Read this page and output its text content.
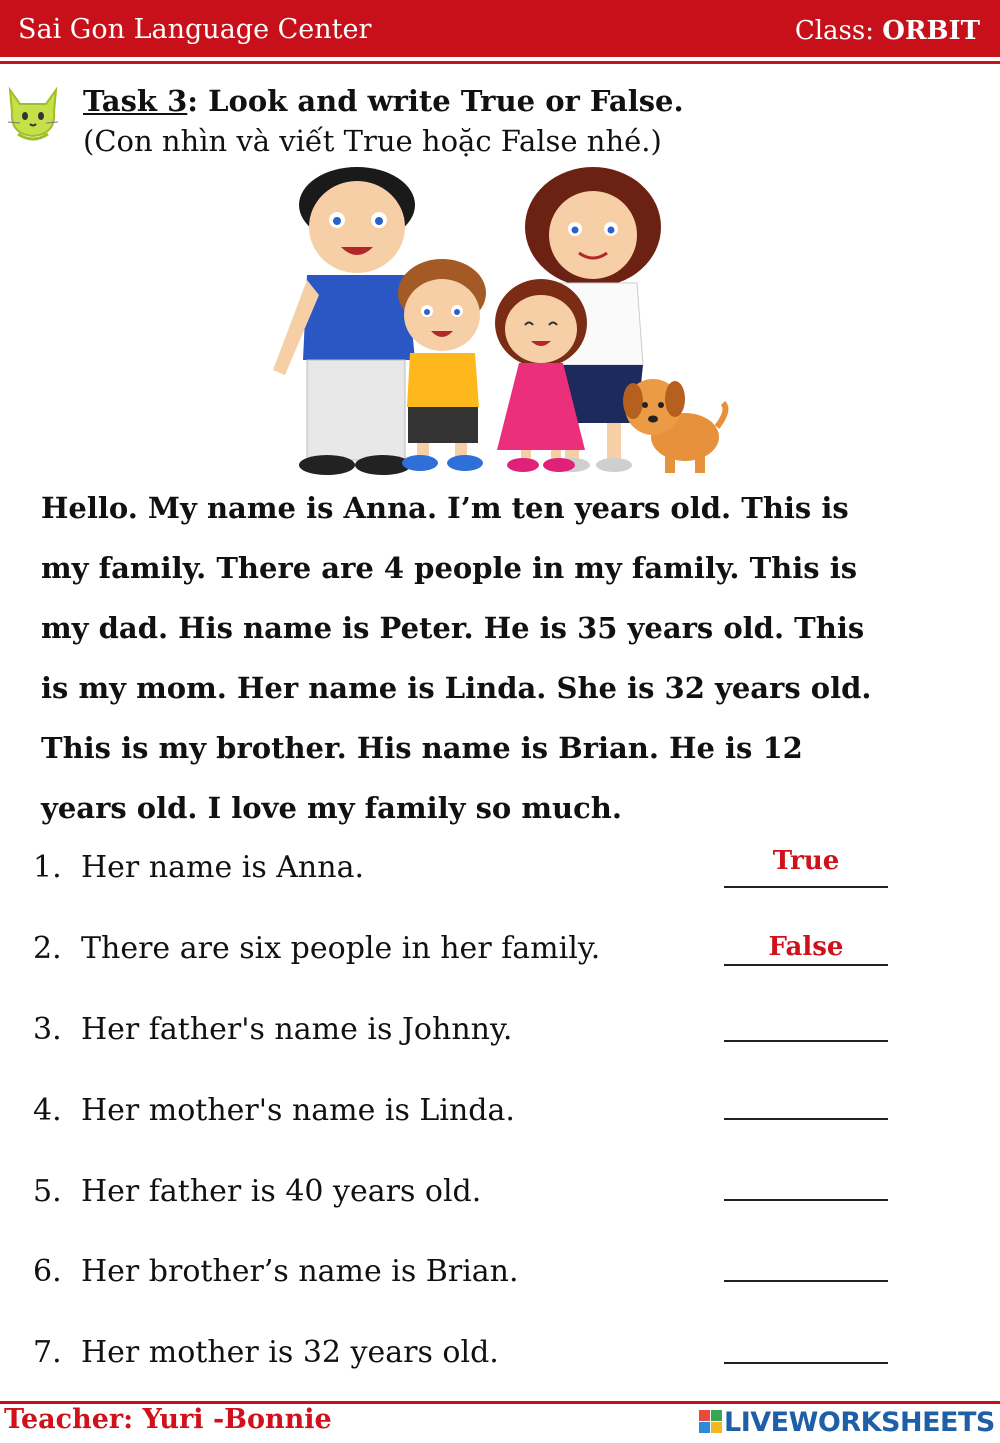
Sai Gon Language Center	Class: ORBIT
Task 3: Look and write True or False.
(Con nhìn và viết True hoặc False nhé.)
Hello. My name is Anna. I’m ten years old. This is
my family. There are 4 people in my family. This is
my dad. His name is Peter. He is 35 years old. This
is my mom. Her name is Linda. She is 32 years old.
This is my brother. His name is Brian. He is 12
years old. I love my family so much.
1. Her name is Anna.	True
2. There are six people in her family.	False
3. Her father's name is Johnny.
4. Her mother's name is Linda.
5. Her father is 40 years old.
6. Her brother’s name is Brian.
7. Her mother is 32 years old.
Teacher: Yuri -Bonnie	LIVEWORKSHEETS
